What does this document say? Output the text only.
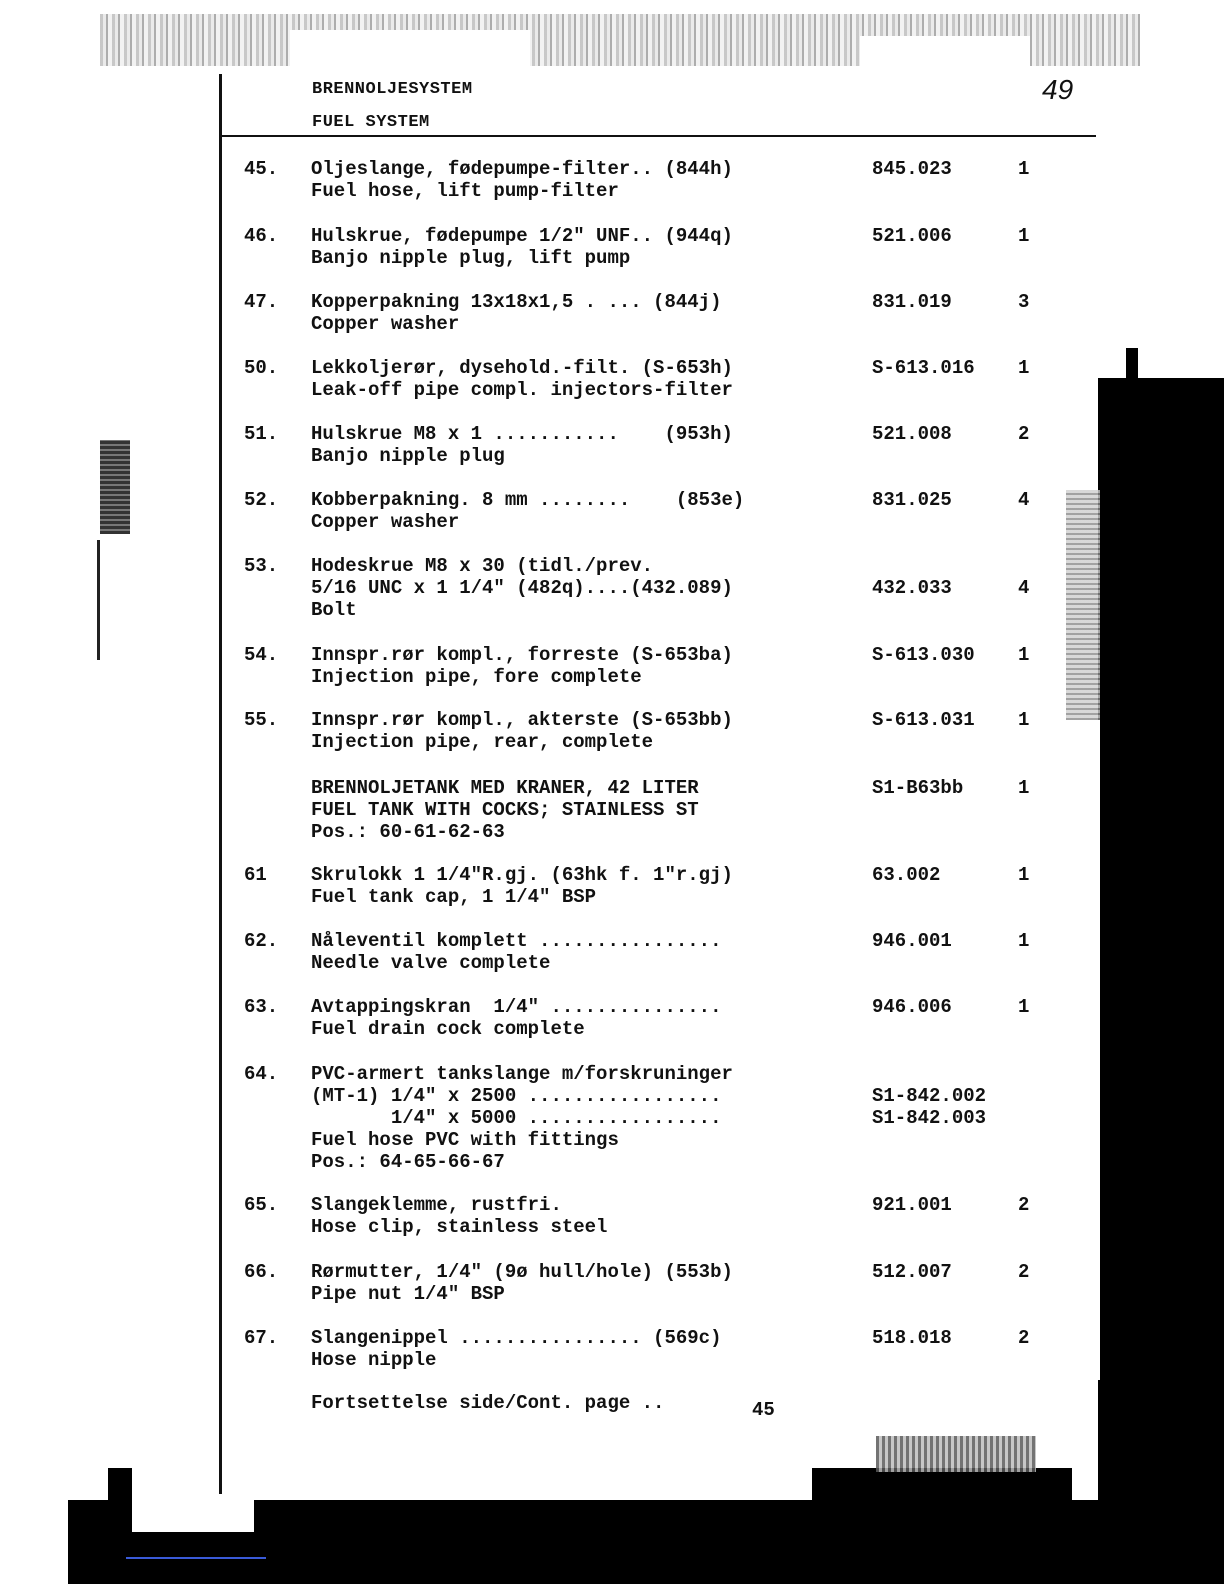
BRENNOLJESYSTEM
FUEL SYSTEM
49
45. Oljeslange, fødepumpe-filter.. (844h)
Fuel hose, lift pump-filter
845.023	1
46. Hulskrue, fødepumpe 1/2" UNF.. (944q)
Banjo nipple plug, lift pump
521.006	1
47. Kopperpakning 13x18x1,5 . ... (844j)
Copper washer
831.019	3
50. Lekkoljerør, dysehold.-filt. (S-653h)
Leak-off pipe compl. injectors-filter
S-613.016 1
51. Hulskrue M8 x 1 ...........    (953h)
Banjo nipple plug
521.008	2
52. Kobberpakning. 8 mm ........    (853e)
Copper washer
831.025	4
53. Hodeskrue M8 x 30 (tidl./prev.
5/16 UNC x 1 1/4" (482q)....(432.089)
Bolt
432.033	4
54. Innspr.rør kompl., forreste (S-653ba)
Injection pipe, fore complete
S-613.030 1
55. Innspr.rør kompl., akterste (S-653bb)
Injection pipe, rear, complete
S-613.031 1
BRENNOLJETANK MED KRANER, 42 LITER
FUEL TANK WITH COCKS; STAINLESS ST
Pos.: 60-61-62-63
S1-B63bb	1
61 Skrulokk 1 1/4"R.gj. (63hk f. 1"r.gj)
Fuel tank cap, 1 1/4" BSP
63.002	1
62. Nåleventil komplett ................
Needle valve complete
946.001	1
63. Avtappingskran  1/4" ...............
Fuel drain cock complete
946.006	1
64. PVC-armert tankslange m/forskruninger
(MT-1) 1/4" x 2500 .................
1/4" x 5000 .................
Fuel hose PVC with fittings
Pos.: 64-65-66-67
S1-842.002
S1-842.003
65. Slangeklemme, rustfri.
Hose clip, stainless steel
921.001	2
66. Rørmutter, 1/4" (9ø hull/hole) (553b)
Pipe nut 1/4" BSP
512.007	2
67. Slangenippel ................ (569c)
Hose nipple
518.018	2
Fortsettelse side/Cont. page ..	45
